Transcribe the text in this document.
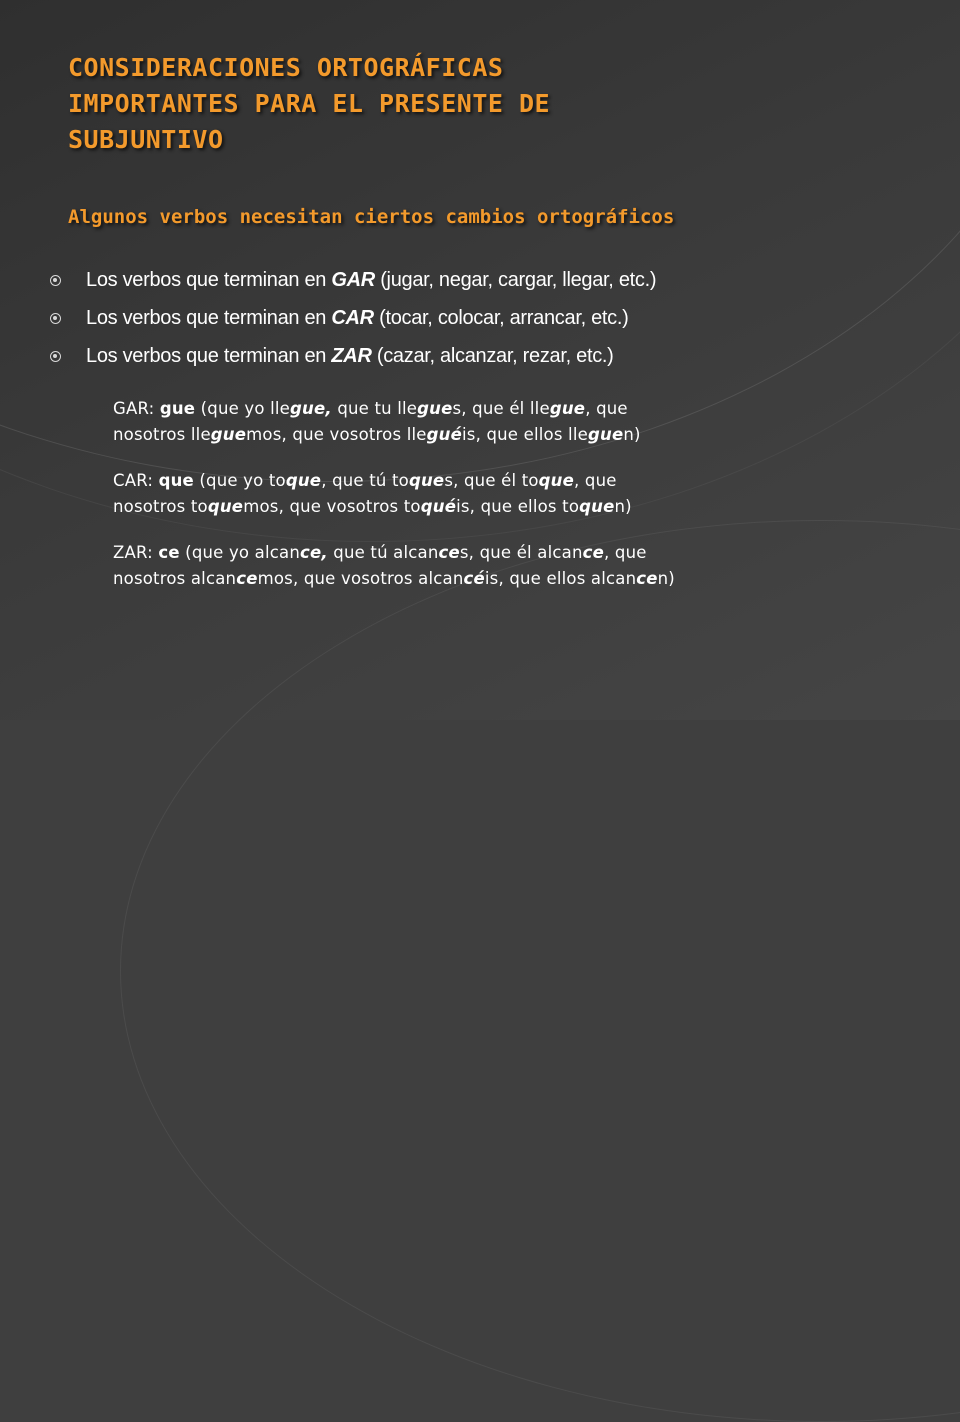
CONSIDERACIONES ORTOGRÁFICAS
IMPORTANTES PARA EL PRESENTE DE
SUBJUNTIVO
Algunos verbos necesitan ciertos cambios ortográficos
Los verbos que terminan en GAR (jugar, negar, cargar, llegar, etc.)
Los verbos que terminan en CAR (tocar, colocar, arrancar, etc.)
Los verbos que terminan en ZAR (cazar, alcanzar, rezar, etc.)
GAR: gue (que yo llegue, que tu llegues, que él llegue, que
nosotros lleguemos, que vosotros lleguéis, que ellos lleguen)
CAR: que (que yo toque, que tú toques, que él toque, que
nosotros toquemos, que vosotros toquéis, que ellos toquen)
ZAR: ce (que yo alcance, que tú alcances, que él alcance, que
nosotros alcancemos, que vosotros alcancéis, que ellos alcancen)
